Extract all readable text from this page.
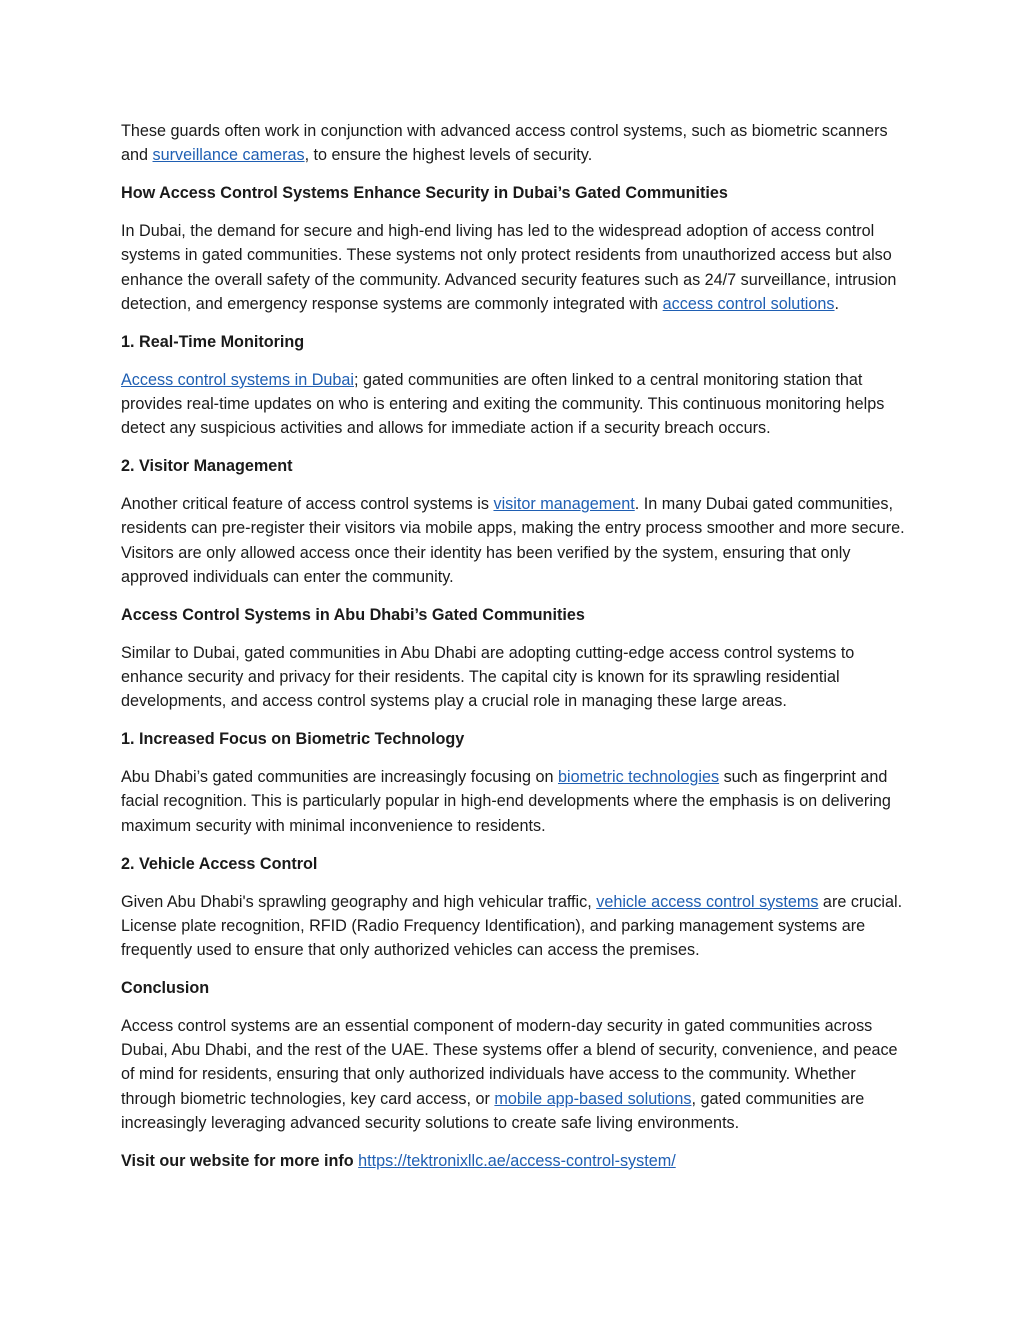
These guards often work in conjunction with advanced access control systems, such as biometric scanners and surveillance cameras, to ensure the highest levels of security.

How Access Control Systems Enhance Security in Dubai’s Gated Communities

In Dubai, the demand for secure and high-end living has led to the widespread adoption of access control systems in gated communities. These systems not only protect residents from unauthorized access but also enhance the overall safety of the community. Advanced security features such as 24/7 surveillance, intrusion detection, and emergency response systems are commonly integrated with access control solutions.

1. Real-Time Monitoring

Access control systems in Dubai; gated communities are often linked to a central monitoring station that provides real-time updates on who is entering and exiting the community. This continuous monitoring helps detect any suspicious activities and allows for immediate action if a security breach occurs.

2. Visitor Management

Another critical feature of access control systems is visitor management. In many Dubai gated communities, residents can pre-register their visitors via mobile apps, making the entry process smoother and more secure. Visitors are only allowed access once their identity has been verified by the system, ensuring that only approved individuals can enter the community.

Access Control Systems in Abu Dhabi’s Gated Communities

Similar to Dubai, gated communities in Abu Dhabi are adopting cutting-edge access control systems to enhance security and privacy for their residents. The capital city is known for its sprawling residential developments, and access control systems play a crucial role in managing these large areas.

1. Increased Focus on Biometric Technology

Abu Dhabi’s gated communities are increasingly focusing on biometric technologies such as fingerprint and facial recognition. This is particularly popular in high-end developments where the emphasis is on delivering maximum security with minimal inconvenience to residents.

2. Vehicle Access Control

Given Abu Dhabi's sprawling geography and high vehicular traffic, vehicle access control systems are crucial. License plate recognition, RFID (Radio Frequency Identification), and parking management systems are frequently used to ensure that only authorized vehicles can access the premises.

Conclusion

Access control systems are an essential component of modern-day security in gated communities across Dubai, Abu Dhabi, and the rest of the UAE. These systems offer a blend of security, convenience, and peace of mind for residents, ensuring that only authorized individuals have access to the community. Whether through biometric technologies, key card access, or mobile app-based solutions, gated communities are increasingly leveraging advanced security solutions to create safe living environments.

Visit our website for more info https://tektronixllc.ae/access-control-system/
